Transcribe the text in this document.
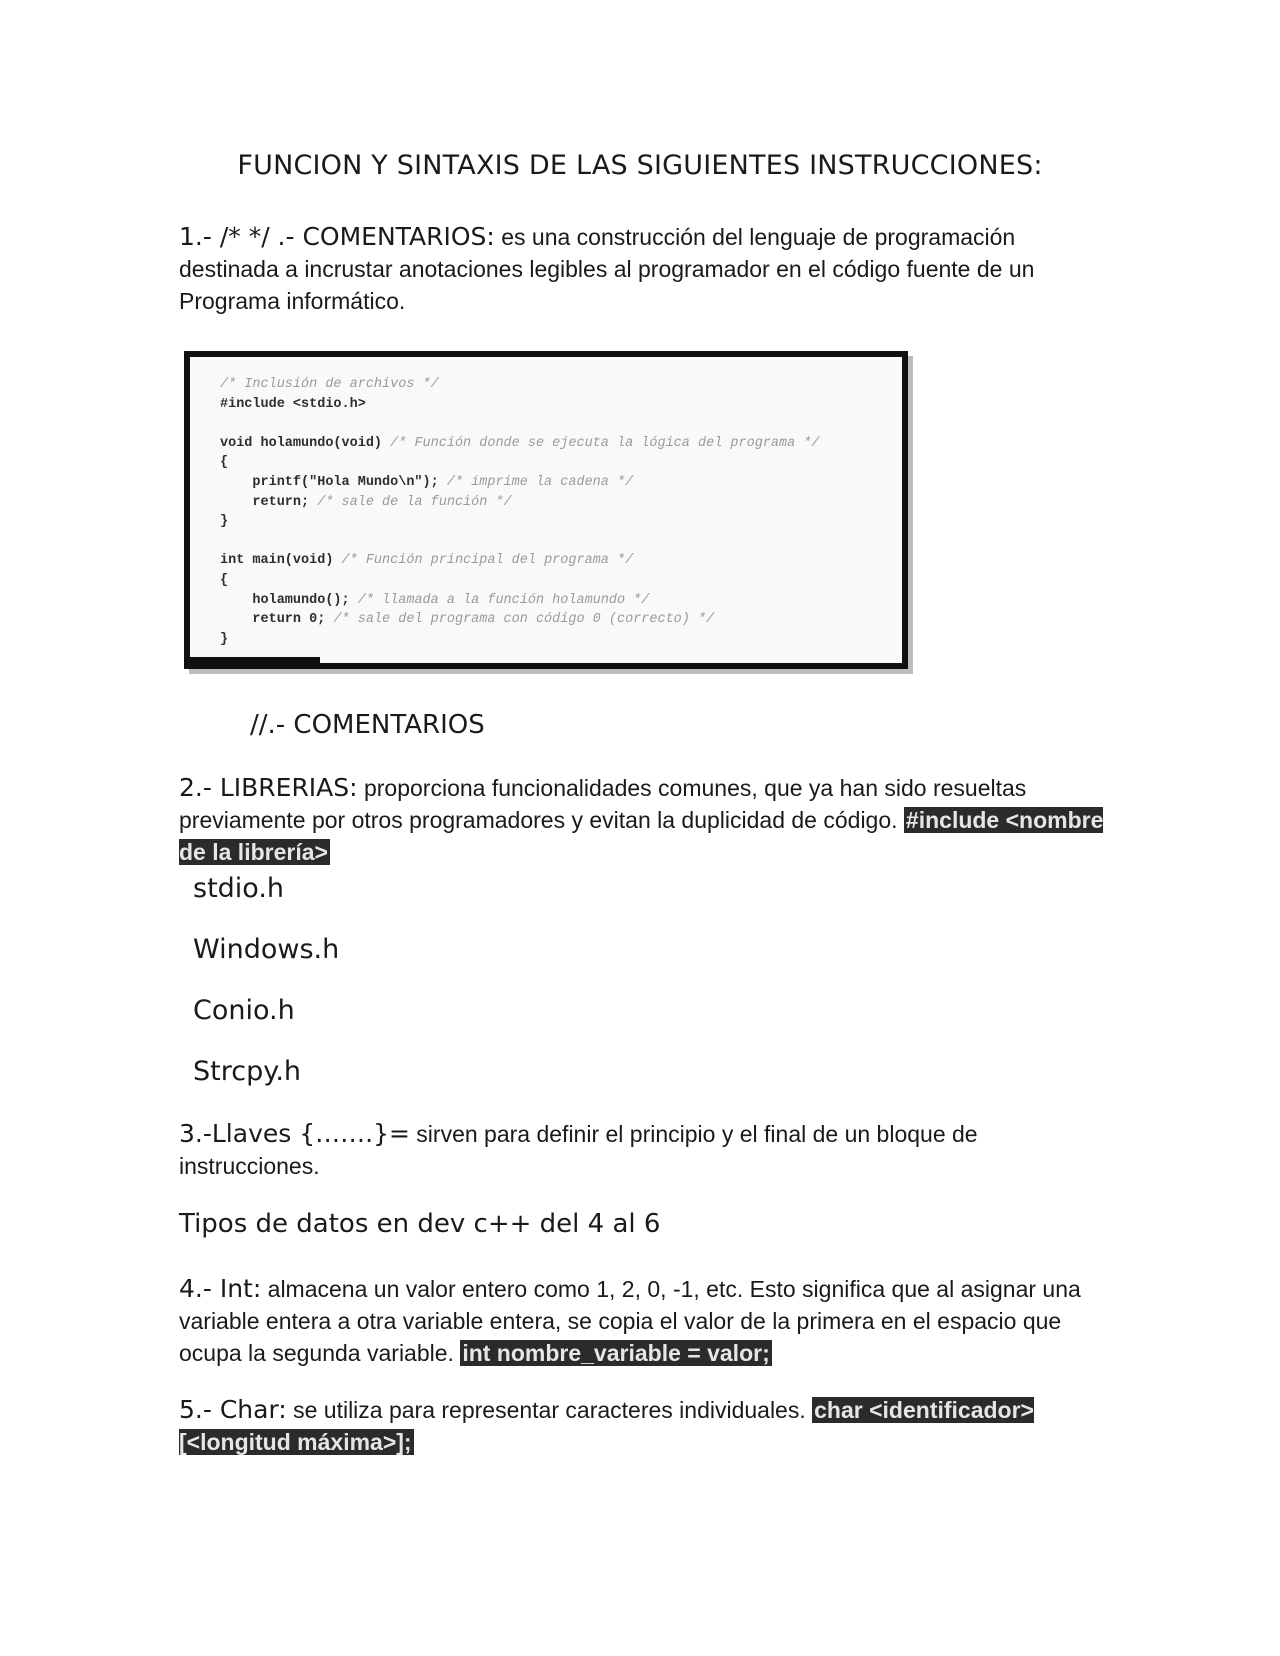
FUNCION Y SINTAXIS DE LAS SIGUIENTES INSTRUCCIONES:
1.- /* */ .- COMENTARIOS: es una construcción del lenguaje de programación destinada a incrustar anotaciones legibles al programador en el código fuente de un Programa informático.
/* Inclusión de archivos */
#include <stdio.h>
void holamundo(void) /* Función donde se ejecuta la lógica del programa */
{
printf("Hola Mundo\n"); /* imprime la cadena */
return; /* sale de la función */
}
int main(void) /* Función principal del programa */
{
holamundo(); /* llamada a la función holamundo */
return 0; /* sale del programa con código 0 (correcto) */
}
//.- COMENTARIOS
2.- LIBRERIAS: proporciona funcionalidades comunes, que ya han sido resueltas previamente por otros programadores y evitan la duplicidad de código. #include <nombre de la librería>
stdio.h
Windows.h
Conio.h
Strcpy.h
3.-Llaves {…….}= sirven para definir el principio y el final de un bloque de instrucciones.
Tipos de datos en dev c++ del 4 al 6
4.- Int: almacena un valor entero como 1, 2, 0, -1, etc. Esto significa que al asignar una variable entera a otra variable entera, se copia el valor de la primera en el espacio que ocupa la segunda variable. int nombre_variable = valor;
5.- Char: se utiliza para representar caracteres individuales. char <identificador> [<longitud máxima>];
